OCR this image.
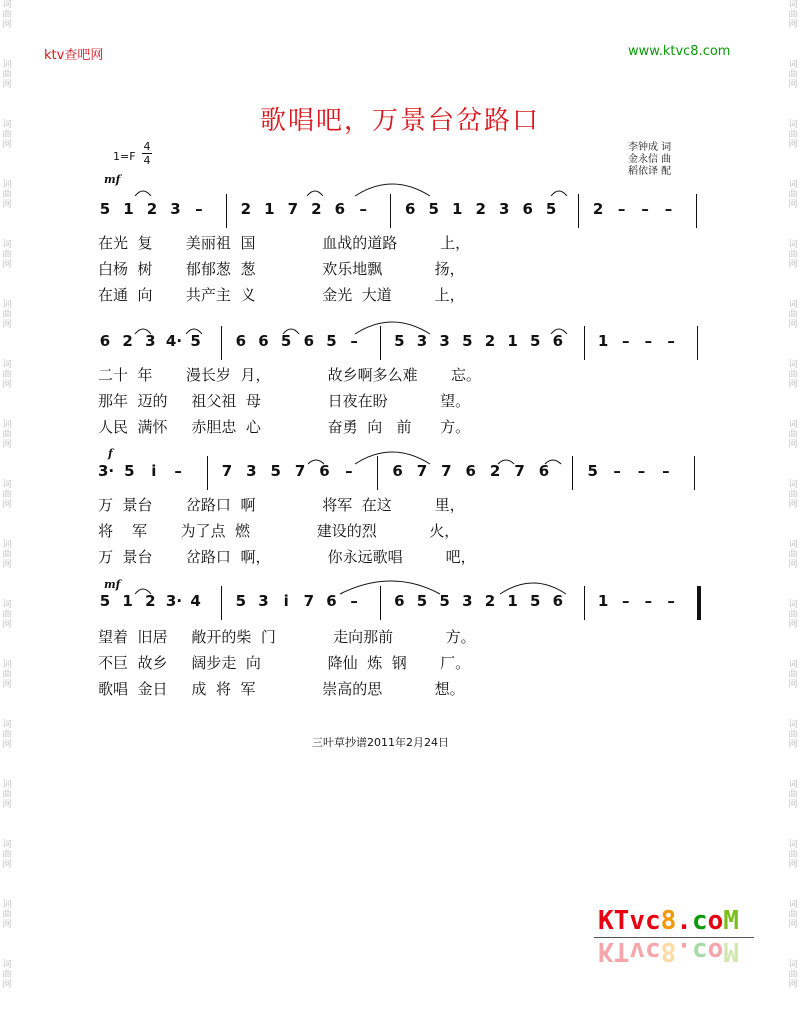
词
曲
网
词
曲
网
词
曲
网
词
曲
网
词
曲
网
词
曲
网
词
曲
网
词
曲
网
词
曲
网
词
曲
网
词
曲
网
词
曲
网
词
曲
网
词
曲
网
词
曲
网
词
曲
网
词
曲
网
词
曲
网
词
曲
网
词
曲
网
词
曲
网
词
曲
网
词
曲
网
词
曲
网
词
曲
网
词
曲
网
词
曲
网
词
曲
网
词
曲
网
词
曲
网
词
曲
网
词
曲
网
词
曲
网
词
曲
网
ktv查吧网	www.ktvc8.com
歌唱吧，万景台岔路口
1=F
4
4
李钟成 词
金永信 曲
稻依译 配
mf
f
mf
5 1 2 3 –	2 1 7 2 6 –	6 5 1 2 3 6 5 2 – – –
6 2 3 4· 5 6 6 5 6 5 – 5 3 3 5 2 1 5 6 1 – – –
3· 5 i –	7 3 5 7 6 –	6 7 7 6 2 7 6	5 – – –
5 1 2 3· 4 5 3 i 7 6 – 6 5 5 3 2 1 5 6 1 – – –
在光  复       美丽祖  国              血战的道路         上，
白杨  树       郁郁葱  葱              欢乐地飘           扬，
在通  向       共产主  义              金光  大道         上，
二十  年       漫长岁  月，            故乡啊多么难       忘。
那年  迈的     祖父祖  母              日夜在盼           望。
人民  满怀     赤胆忠  心              奋勇  向   前      方。
万  景台       岔路口  啊              将军  在这         里，
将    军       为了点  燃              建设的烈           火，
万  景台       岔路口  啊，            你永远歌唱         吧，
望着  旧居     敞开的柴  门            走向那前           方。
不巨  故乡     阔步走  向              降仙  炼  钢       厂。
歌唱  金日     成  将  军              崇高的思           想。
三叶草抄谱2011年2月24日
KTvc8.coM
KTvc8.coM
